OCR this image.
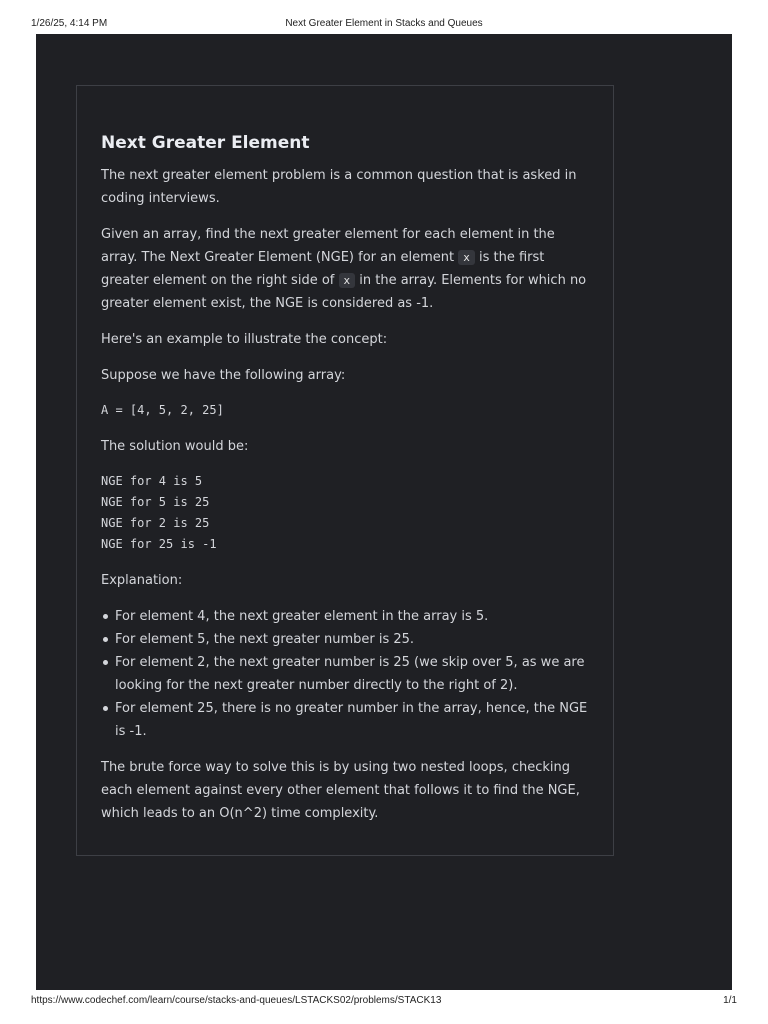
1/26/25, 4:14 PM	Next Greater Element in Stacks and Queues
Next Greater Element

The next greater element problem is a common question that is asked in coding interviews.

Given an array, find the next greater element for each element in the array. The Next Greater Element (NGE) for an element x is the first greater element on the right side of x in the array. Elements for which no greater element exist, the NGE is considered as -1.

Here's an example to illustrate the concept:

Suppose we have the following array:

A = [4, 5, 2, 25]

The solution would be:

NGE for 4 is 5
NGE for 5 is 25
NGE for 2 is 25
NGE for 25 is -1

Explanation:

For element 4, the next greater element in the array is 5.
For element 5, the next greater number is 25.
For element 2, the next greater number is 25 (we skip over 5, as we are looking for the next greater number directly to the right of 2).
For element 25, there is no greater number in the array, hence, the NGE is -1.

The brute force way to solve this is by using two nested loops, checking each element against every other element that follows it to find the NGE, which leads to an O(n^2) time complexity.

https://www.codechef.com/learn/course/stacks-and-queues/LSTACKS02/problems/STACK13	1/1
